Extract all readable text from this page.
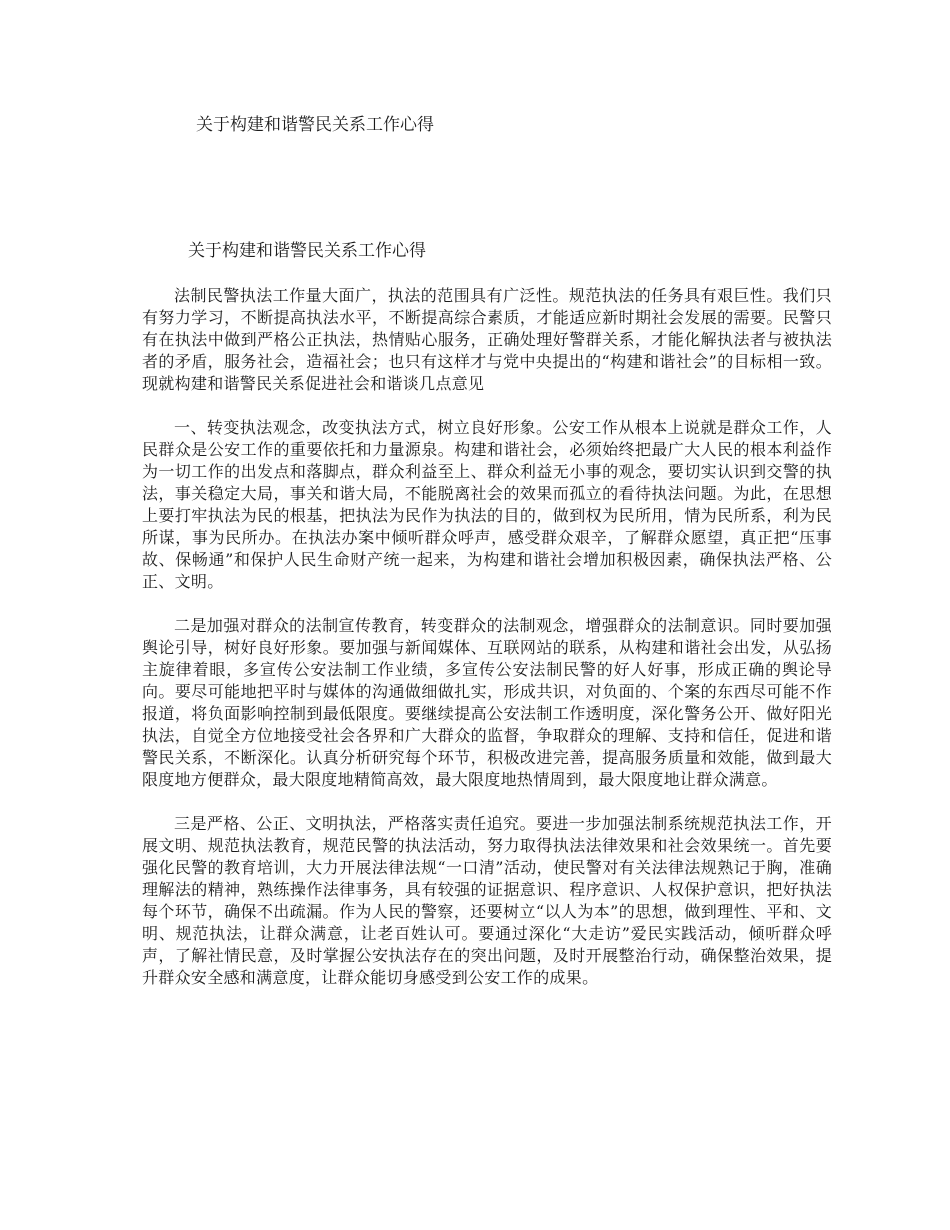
关于构建和谐警民关系工作心得
关于构建和谐警民关系工作心得

法制民警执法工作量大面广，执法的范围具有广泛性。规范执法的任务具有艰巨性。我们只有努力学习，不断提高执法水平，不断提高综合素质，才能适应新时期社会发展的需要。民警只有在执法中做到严格公正执法，热情贴心服务，正确处理好警群关系，才能化解执法者与被执法者的矛盾，服务社会，造福社会；也只有这样才与党中央提出的“构建和谐社会”的目标相一致。现就构建和谐警民关系促进社会和谐谈几点意见

一、转变执法观念，改变执法方式，树立良好形象。公安工作从根本上说就是群众工作，人民群众是公安工作的重要依托和力量源泉。构建和谐社会，必须始终把最广大人民的根本利益作为一切工作的出发点和落脚点，群众利益至上、群众利益无小事的观念，要切实认识到交警的执法，事关稳定大局，事关和谐大局，不能脱离社会的效果而孤立的看待执法问题。为此，在思想上要打牢执法为民的根基，把执法为民作为执法的目的，做到权为民所用，情为民所系，利为民所谋，事为民所办。在执法办案中倾听群众呼声，感受群众艰辛，了解群众愿望，真正把“压事故、保畅通”和保护人民生命财产统一起来，为构建和谐社会增加积极因素，确保执法严格、公正、文明。

二是加强对群众的法制宣传教育，转变群众的法制观念，增强群众的法制意识。同时要加强舆论引导，树好良好形象。要加强与新闻媒体、互联网站的联系，从构建和谐社会出发，从弘扬主旋律着眼，多宣传公安法制工作业绩，多宣传公安法制民警的好人好事，形成正确的舆论导向。要尽可能地把平时与媒体的沟通做细做扎实，形成共识，对负面的、个案的东西尽可能不作报道，将负面影响控制到最低限度。要继续提高公安法制工作透明度，深化警务公开、做好阳光执法，自觉全方位地接受社会各界和广大群众的监督，争取群众的理解、支持和信任，促进和谐警民关系，不断深化。认真分析研究每个环节，积极改进完善，提高服务质量和效能，做到最大限度地方便群众，最大限度地精简高效，最大限度地热情周到，最大限度地让群众满意。

三是严格、公正、文明执法，严格落实责任追究。要进一步加强法制系统规范执法工作，开展文明、规范执法教育，规范民警的执法活动，努力取得执法法律效果和社会效果统一。首先要强化民警的教育培训，大力开展法律法规“一口清”活动，使民警对有关法律法规熟记于胸，准确理解法的精神，熟练操作法律事务，具有较强的证据意识、程序意识、人权保护意识，把好执法每个环节，确保不出疏漏。作为人民的警察，还要树立“以人为本”的思想，做到理性、平和、文明、规范执法，让群众满意，让老百姓认可。要通过深化“大走访”爱民实践活动，倾听群众呼声，了解社情民意，及时掌握公安执法存在的突出问题，及时开展整治行动，确保整治效果，提升群众安全感和满意度，让群众能切身感受到公安工作的成果。
